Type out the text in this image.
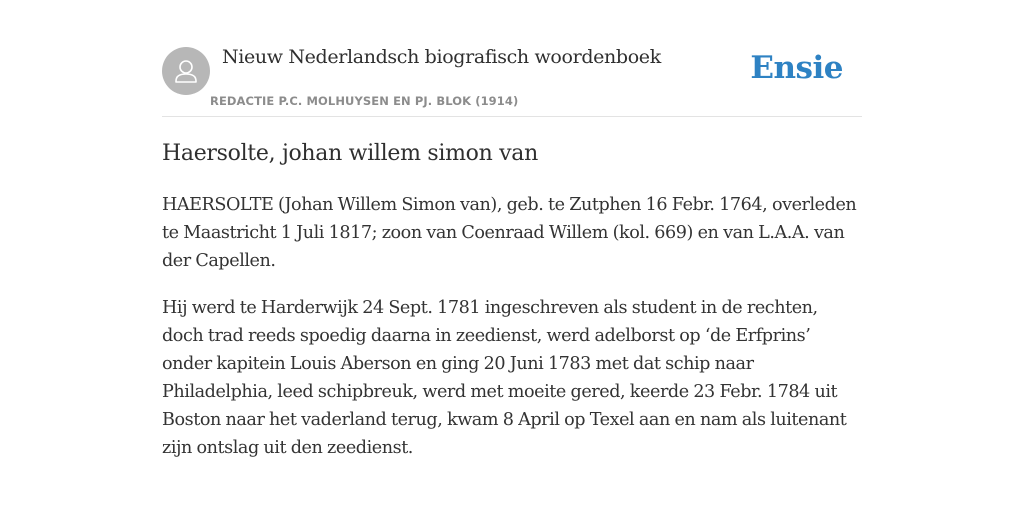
Nieuw Nederlandsch biografisch woordenboek
REDACTIE P.C. MOLHUYSEN EN PJ. BLOK (1914)
Ensie
Haersolte, johan willem simon van

HAERSOLTE (Johan Willem Simon van), geb. te Zutphen 16 Febr. 1764, overleden te Maastricht 1 Juli 1817; zoon van Coenraad Willem (kol. 669) en van L.A.A. van der Capellen.

Hij werd te Harderwijk 24 Sept. 1781 ingeschreven als student in de rechten, doch trad reeds spoedig daarna in zeedienst, werd adelborst op ‘de Erfprins’ onder kapitein Louis Aberson en ging 20 Juni 1783 met dat schip naar Philadelphia, leed schipbreuk, werd met moeite gered, keerde 23 Febr. 1784 uit Boston naar het vaderland terug, kwam 8 April op Texel aan en nam als luitenant zijn ontslag uit den zeedienst.
